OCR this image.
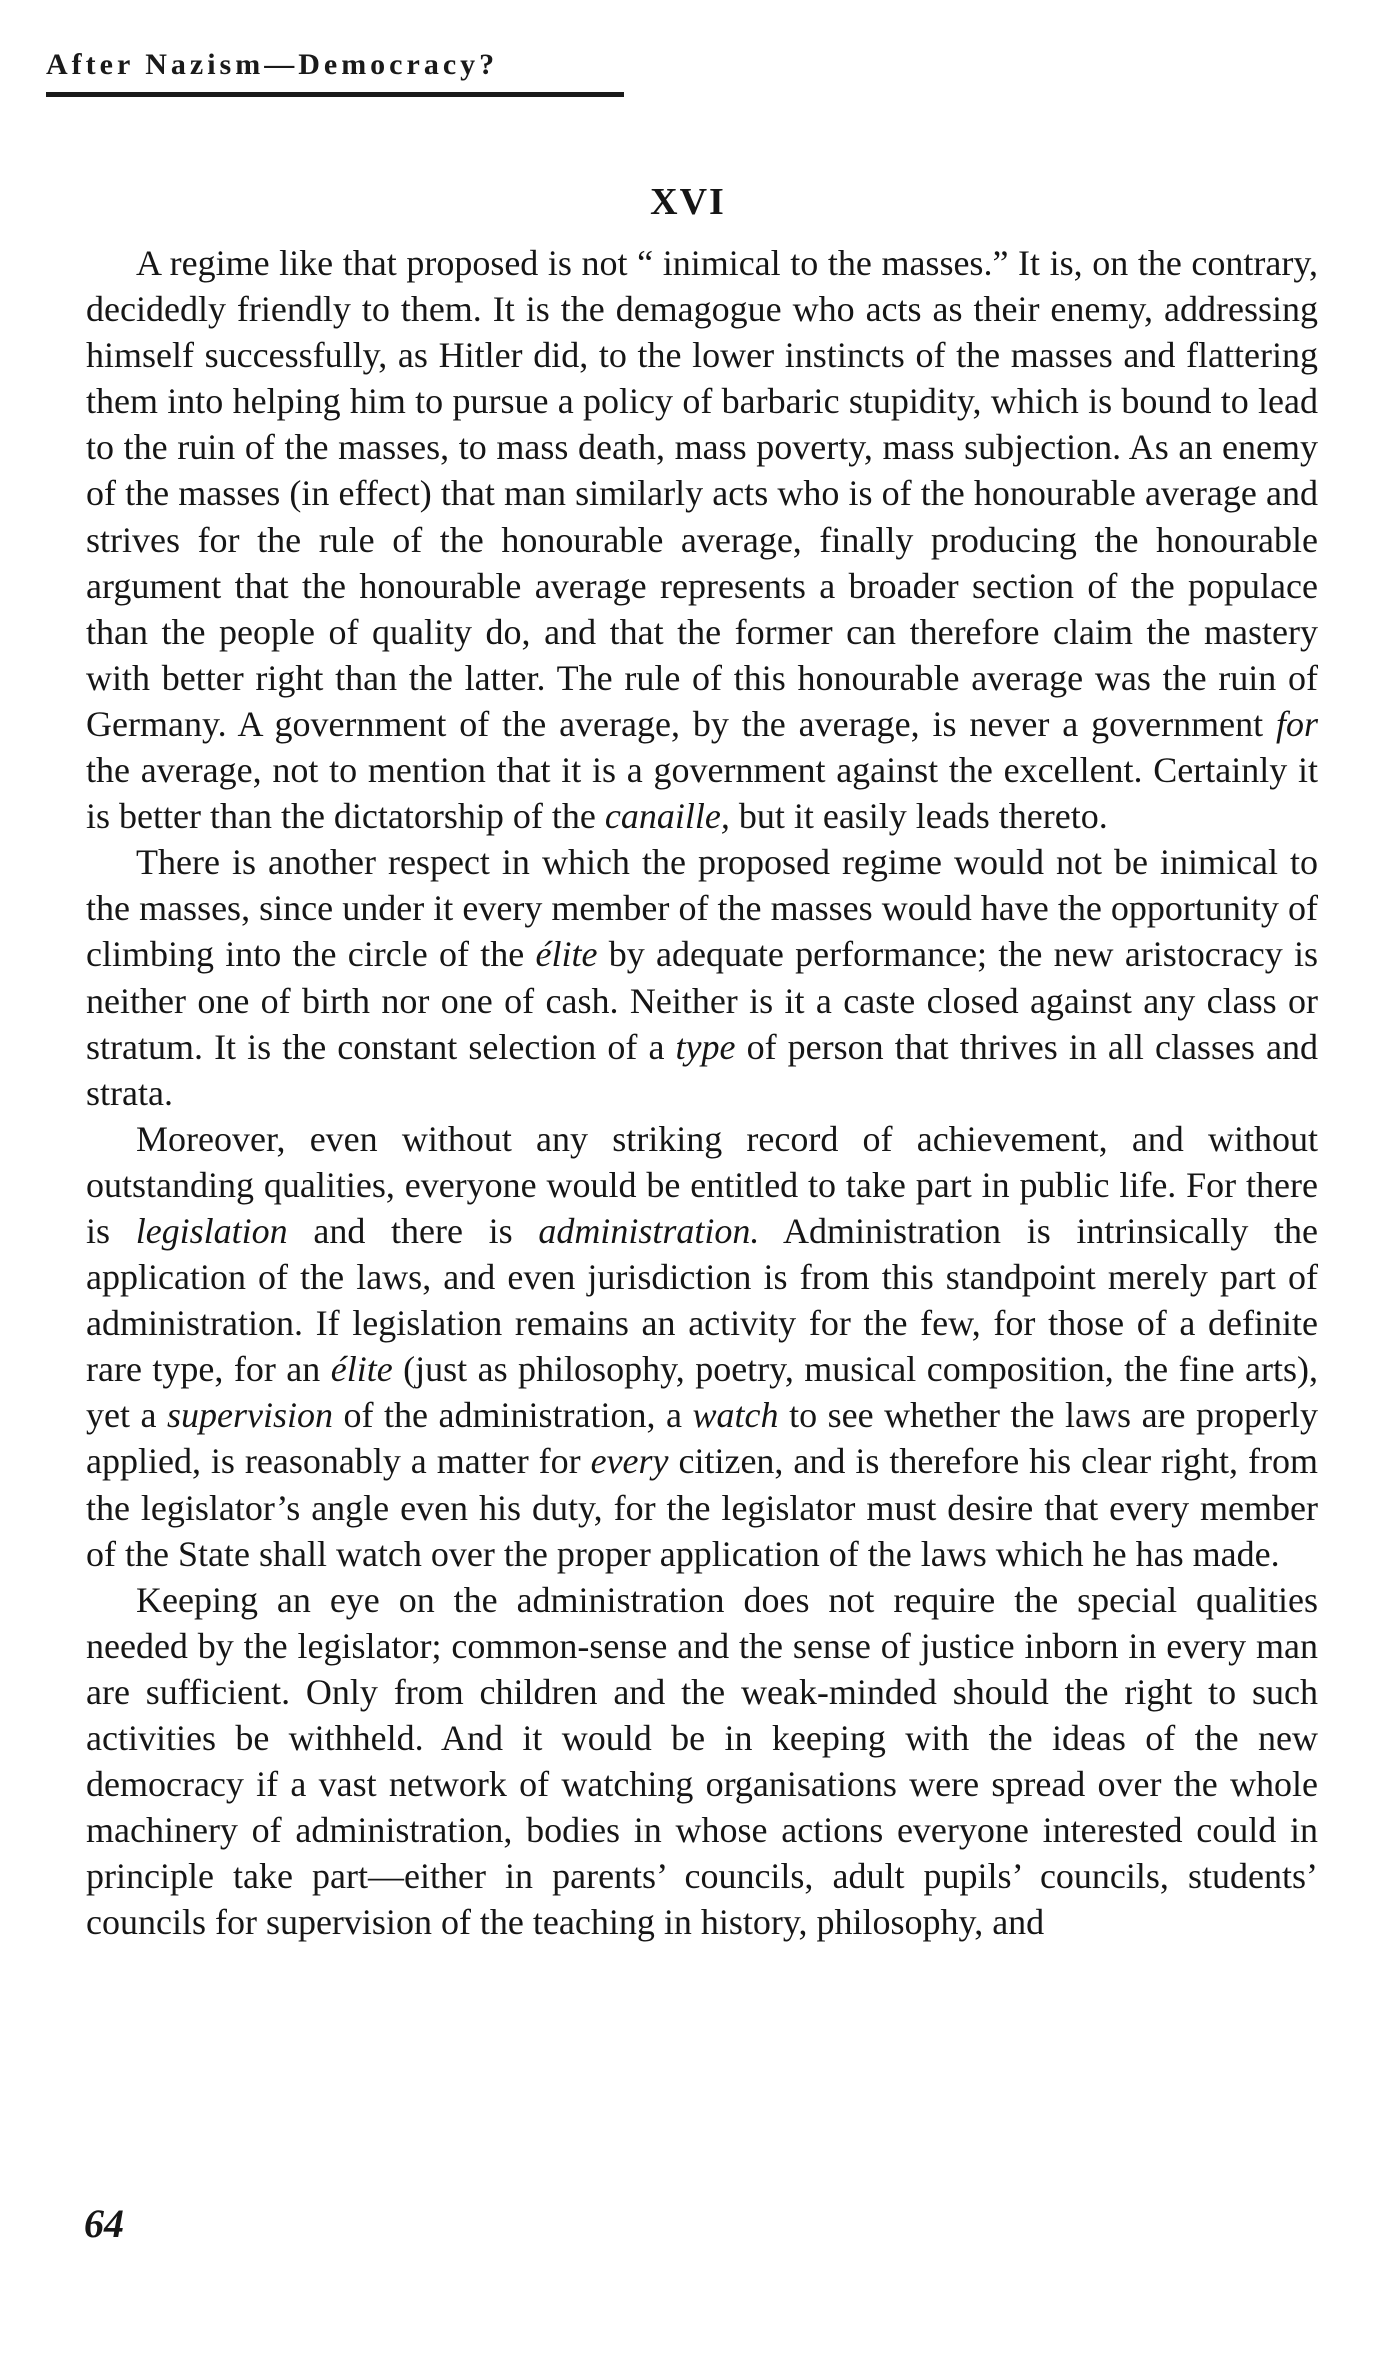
After Nazism—Democracy?
XVI

A regime like that proposed is not “ inimical to the masses.” It is, on the contrary, decidedly friendly to them. It is the demagogue who acts as their enemy, addressing himself successfully, as Hitler did, to the lower instincts of the masses and flattering them into helping him to pursue a policy of barbaric stupidity, which is bound to lead to the ruin of the masses, to mass death, mass poverty, mass subjection. As an enemy of the masses (in effect) that man similarly acts who is of the honourable average and strives for the rule of the honourable average, finally producing the honourable argument that the honourable average represents a broader section of the populace than the people of quality do, and that the former can therefore claim the mastery with better right than the latter. The rule of this honourable average was the ruin of Germany. A government of the average, by the average, is never a government for the average, not to mention that it is a government against the excellent. Certainly it is better than the dictatorship of the canaille, but it easily leads thereto.

There is another respect in which the proposed regime would not be inimical to the masses, since under it every member of the masses would have the opportunity of climbing into the circle of the élite by adequate performance; the new aristocracy is neither one of birth nor one of cash. Neither is it a caste closed against any class or stratum. It is the constant selection of a type of person that thrives in all classes and strata.

Moreover, even without any striking record of achievement, and without outstanding qualities, everyone would be entitled to take part in public life. For there is legislation and there is administration. Administration is intrinsically the application of the laws, and even jurisdiction is from this standpoint merely part of administration. If legislation remains an activity for the few, for those of a definite rare type, for an élite (just as philosophy, poetry, musical composition, the fine arts), yet a supervision of the administration, a watch to see whether the laws are properly applied, is reasonably a matter for every citizen, and is therefore his clear right, from the legislator’s angle even his duty, for the legislator must desire that every member of the State shall watch over the proper application of the laws which he has made.

Keeping an eye on the administration does not require the special qualities needed by the legislator; common-sense and the sense of justice inborn in every man are sufficient. Only from children and the weak-minded should the right to such activities be withheld. And it would be in keeping with the ideas of the new democracy if a vast network of watching organisations were spread over the whole machinery of administration, bodies in whose actions everyone interested could in principle take part—either in parents’ councils, adult pupils’ councils, students’ councils for supervision of the teaching in history, philosophy, and

64
